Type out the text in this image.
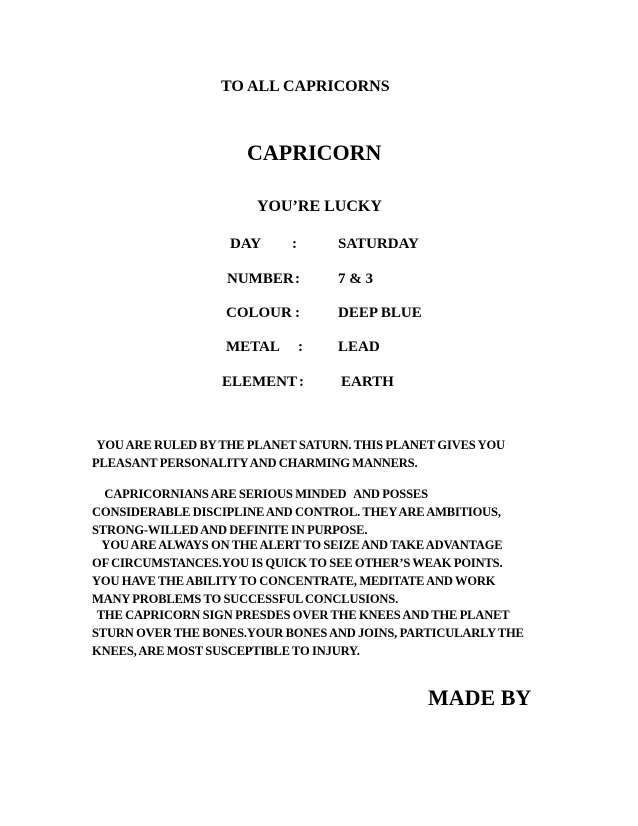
TO ALL CAPRICORNS
CAPRICORN
YOU’RE LUCKY
DAY :	SATURDAY
NUMBER :	7 & 3
COLOUR :	DEEP BLUE
METAL : LEAD
ELEMENT : EARTH
YOU ARE RULED BY THE PLANET SATURN. THIS PLANET GIVES YOU
PLEASANT PERSONALITY AND CHARMING MANNERS.
CAPRICORNIANS ARE SERIOUS MINDED   AND POSSES
CONSIDERABLE DISCIPLINE AND CONTROL. THEY ARE AMBITIOUS,
STRONG-WILLED AND DEFINITE IN PURPOSE.
YOU ARE ALWAYS ON THE ALERT TO SEIZE AND TAKE ADVANTAGE
OF CIRCUMSTANCES.YOU IS QUICK TO SEE OTHER’S WEAK POINTS.
YOU HAVE THE ABILITY TO CONCENTRATE, MEDITATE AND WORK
MANY PROBLEMS TO SUCCESSFUL CONCLUSIONS.
THE CAPRICORN SIGN PRESDES OVER THE KNEES AND THE PLANET
STURN OVER THE BONES.YOUR BONES AND JOINS, PARTICULARLY THE
KNEES, ARE MOST SUSCEPTIBLE TO INJURY.
MADE BY
